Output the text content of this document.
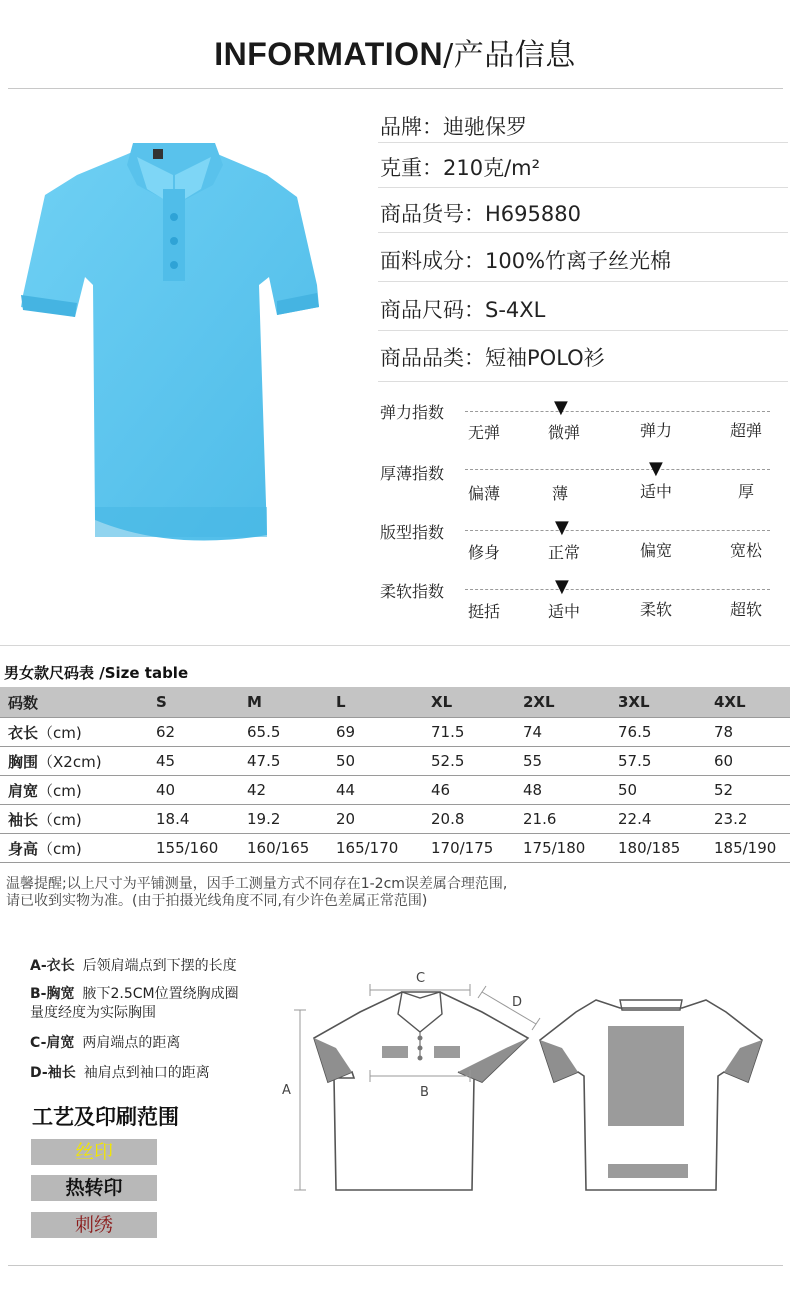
INFORMATION/产品信息
品牌：迪驰保罗
克重：210克/m²
商品货号：H695880
面料成分：100%竹离子丝光棉
商品尺码：S-4XL
商品品类：短袖POLO衫
弹力指数	▼
无弹	微弹	弹力	超弹
厚薄指数	▼
偏薄	薄	适中	厚
版型指数	▼
修身	正常	偏宽	宽松
柔软指数	▼
挺括	适中	柔软	超软
男女款尺码表 /Size table
码数	S	M	L	XL	2XL	3XL	4XL
衣长（cm)	62	65.5	69	71.5	74	76.5	78
胸围（X2cm)	45	47.5	50	52.5	55	57.5	60
肩宽（cm)	40	42	44	46	48	50	52
袖长（cm)	18.4	19.2	20	20.8	21.6	22.4	23.2
身高（cm)	155/160	160/165	165/170	170/175	175/180	180/185	185/190
温馨提醒;以上尺寸为平铺测量，因手工测量方式不同存在1-2cm误差属合理范围,
请已收到实物为准。(由于拍摄光线角度不同,有少许色差属正常范围)
A-衣长 后领肩端点到下摆的长度
B-胸宽 腋下2.5CM位置绕胸成圈
量度经度为实际胸围
C-肩宽 两肩端点的距离
D-袖长 袖肩点到袖口的距离
工艺及印刷范围
丝印
热转印
刺绣
A
C
D
B
